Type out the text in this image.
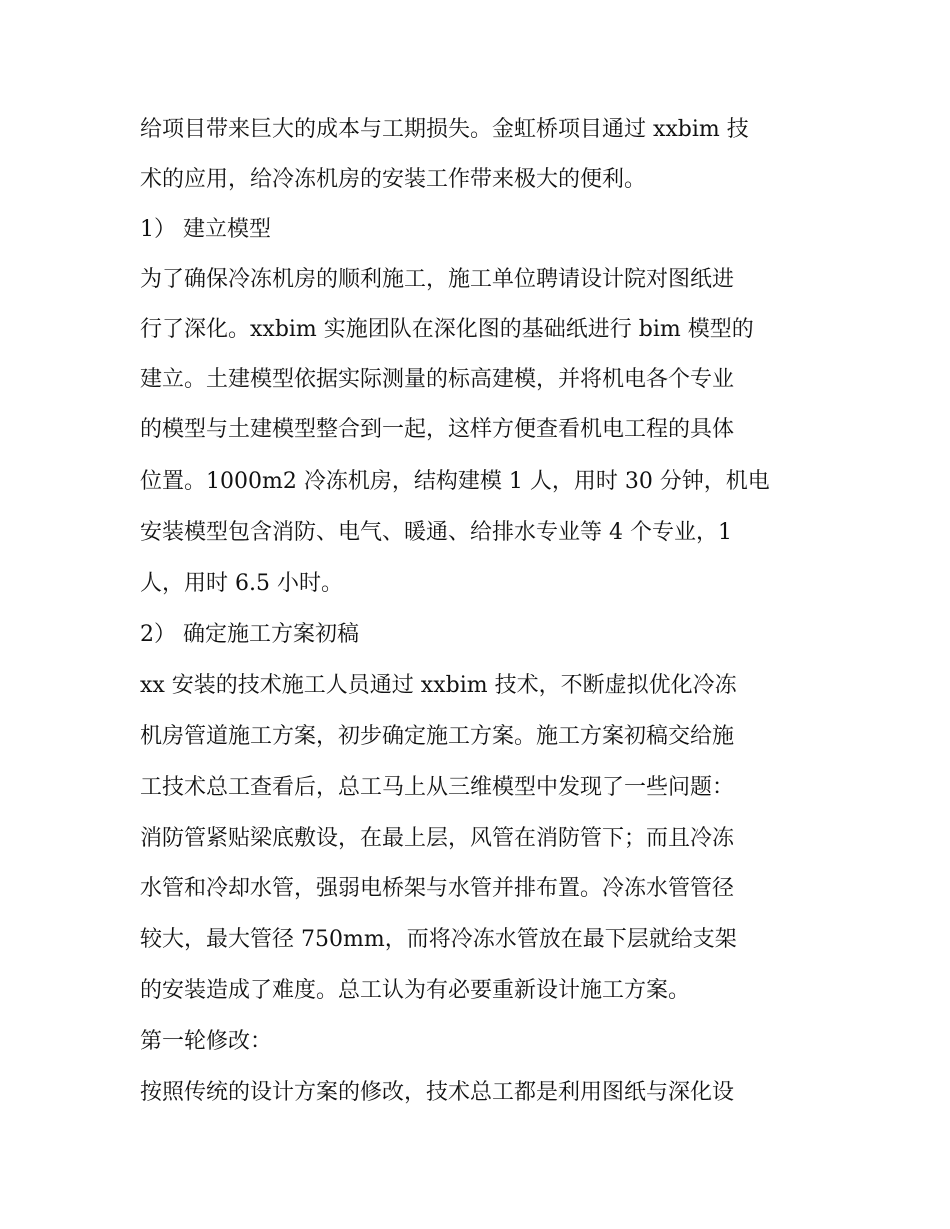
给项目带来巨大的成本与工期损失。金虹桥项目通过 xxbim 技
术的应用，给冷冻机房的安装工作带来极大的便利。
1） 建立模型
为了确保冷冻机房的顺利施工，施工单位聘请设计院对图纸进
行了深化。xxbim 实施团队在深化图的基础纸进行 bim 模型的
建立。土建模型依据实际测量的标高建模，并将机电各个专业
的模型与土建模型整合到一起，这样方便查看机电工程的具体
位置。1000m2 冷冻机房，结构建模 1 人，用时 30 分钟，机电
安装模型包含消防、电气、暖通、给排水专业等 4 个专业，1
人，用时 6.5 小时。
2） 确定施工方案初稿
xx 安装的技术施工人员通过 xxbim 技术，不断虚拟优化冷冻
机房管道施工方案，初步确定施工方案。施工方案初稿交给施
工技术总工查看后，总工马上从三维模型中发现了一些问题：
消防管紧贴梁底敷设，在最上层，风管在消防管下；而且冷冻
水管和冷却水管，强弱电桥架与水管并排布置。冷冻水管管径
较大，最大管径 750mm，而将冷冻水管放在最下层就给支架
的安装造成了难度。总工认为有必要重新设计施工方案。
第一轮修改：
按照传统的设计方案的修改，技术总工都是利用图纸与深化设
